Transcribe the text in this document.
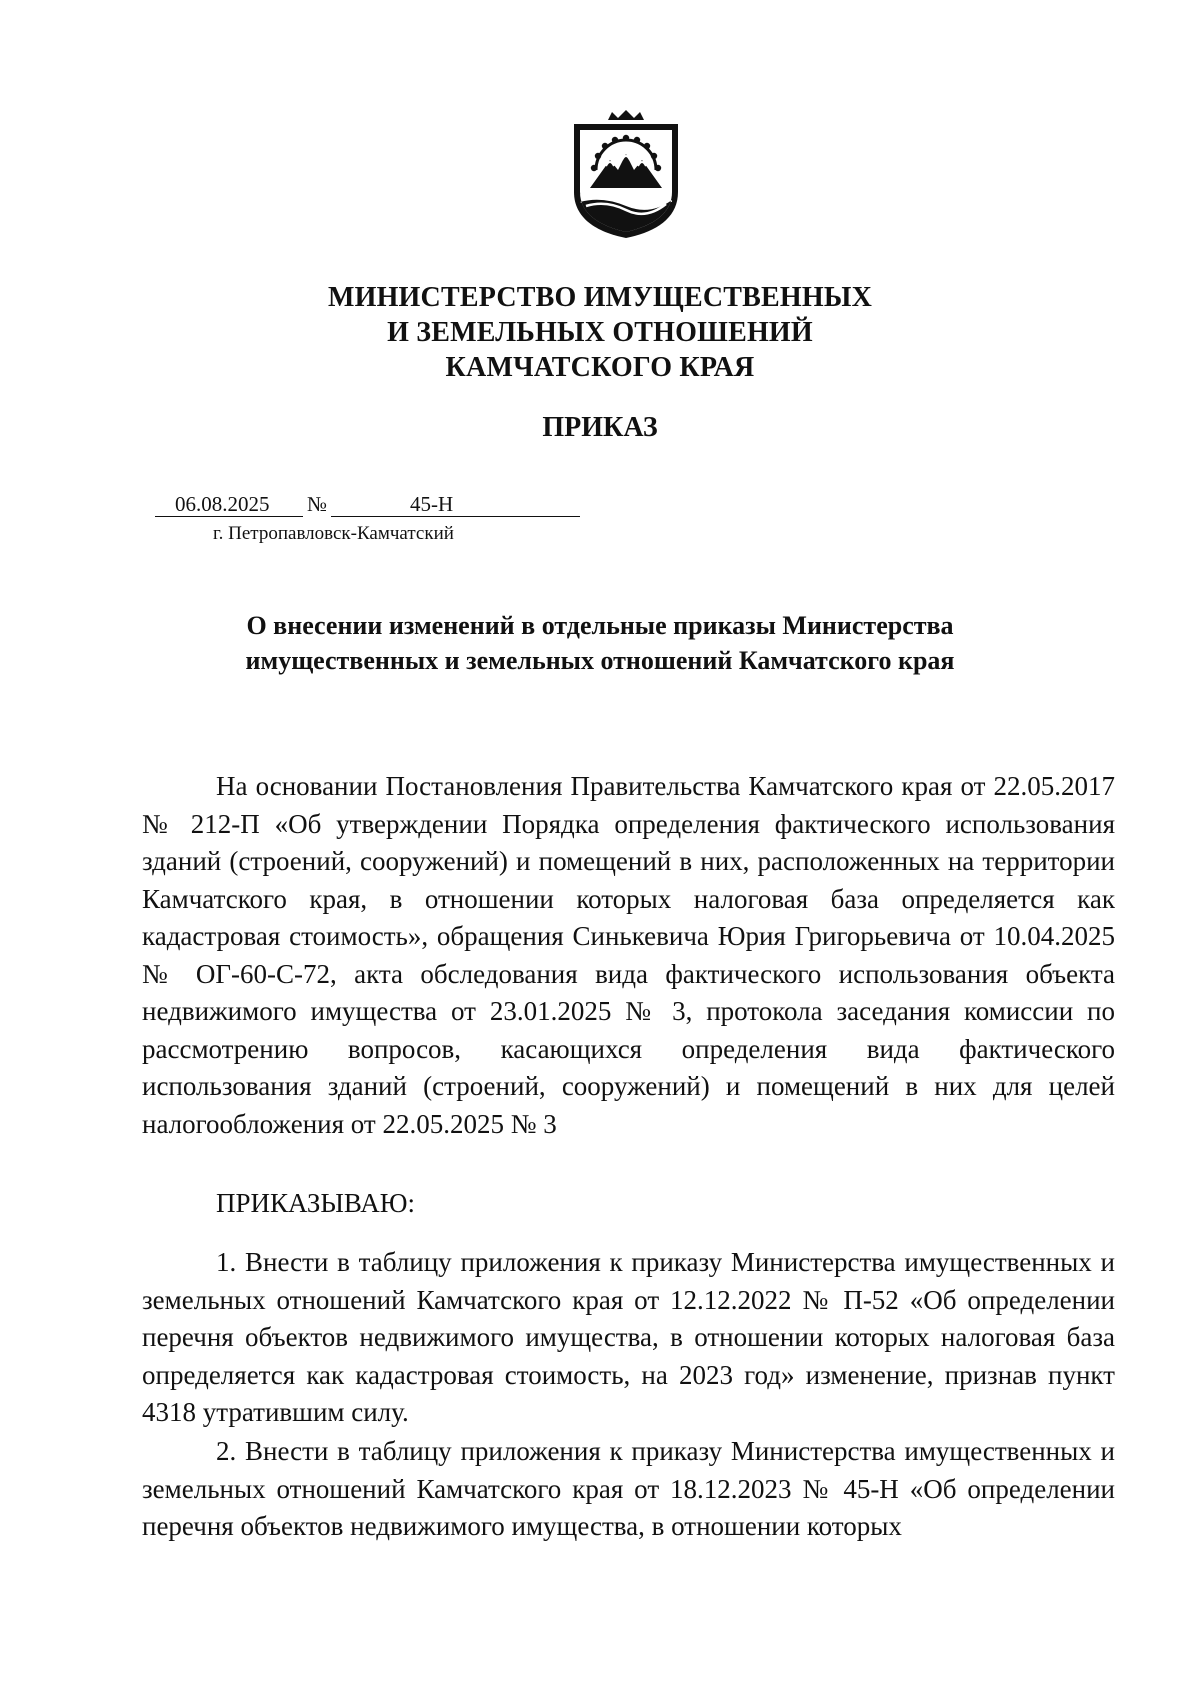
МИНИСТЕРСТВО ИМУЩЕСТВЕННЫХ
И ЗЕМЕЛЬНЫХ ОТНОШЕНИЙ
КАМЧАТСКОГО КРАЯ
ПРИКАЗ
06.08.2025 №	45-Н
г. Петропавловск-Камчатский
О внесении изменений в отдельные приказы Министерства
имущественных и земельных отношений Камчатского края

На основании Постановления Правительства Камчатского края от 22.05.2017 № 212-П «Об утверждении Порядка определения фактического использования зданий (строений, сооружений) и помещений в них, расположенных на территории Камчатского края, в отношении которых налоговая база определяется как кадастровая стоимость», обращения Синькевича Юрия Григорьевича от 10.04.2025 № ОГ-60-С-72, акта обследования вида фактического использования объекта недвижимого имущества от 23.01.2025 № 3, протокола заседания комиссии по рассмотрению вопросов, касающихся определения вида фактического использования зданий (строений, сооружений) и помещений в них для целей налогообложения от 22.05.2025 № 3

ПРИКАЗЫВАЮ:

1. Внести в таблицу приложения к приказу Министерства имущественных и земельных отношений Камчатского края от 12.12.2022 № П-52 «Об определении перечня объектов недвижимого имущества, в отношении которых налоговая база определяется как кадастровая стоимость, на 2023 год» изменение, признав пункт 4318 утратившим силу.

2. Внести в таблицу приложения к приказу Министерства имущественных и земельных отношений Камчатского края от 18.12.2023 № 45-Н «Об определении перечня объектов недвижимого имущества, в отношении которых
